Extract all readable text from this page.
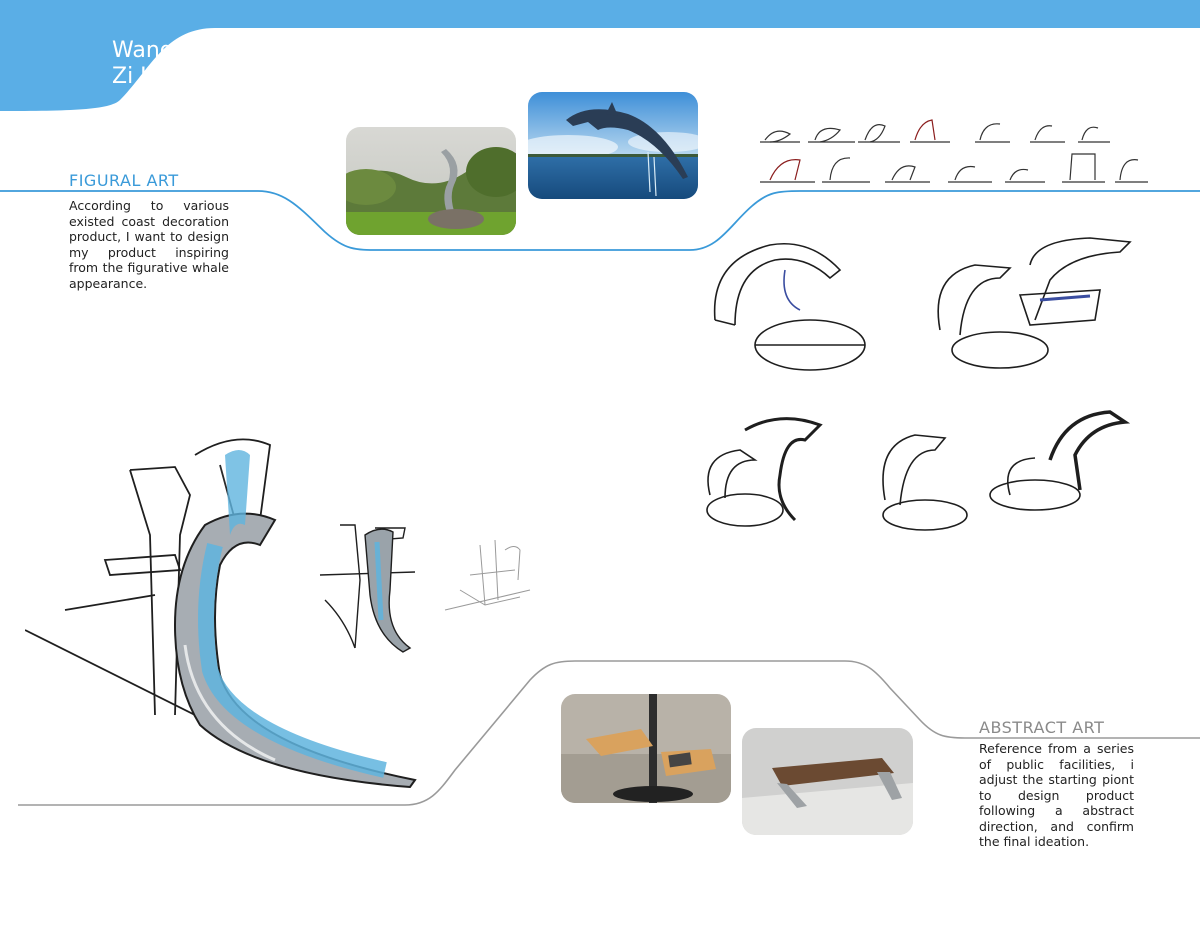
Wang
Zi Hao
FIGURAL ART
According to various existed coast decoration product, I want to design my product inspiring from the figurative whale appearance.
ABSTRACT ART
Reference from a series of public facilities, i adjust the starting piont to design product following a abstract direction, and confirm the final ideation.
